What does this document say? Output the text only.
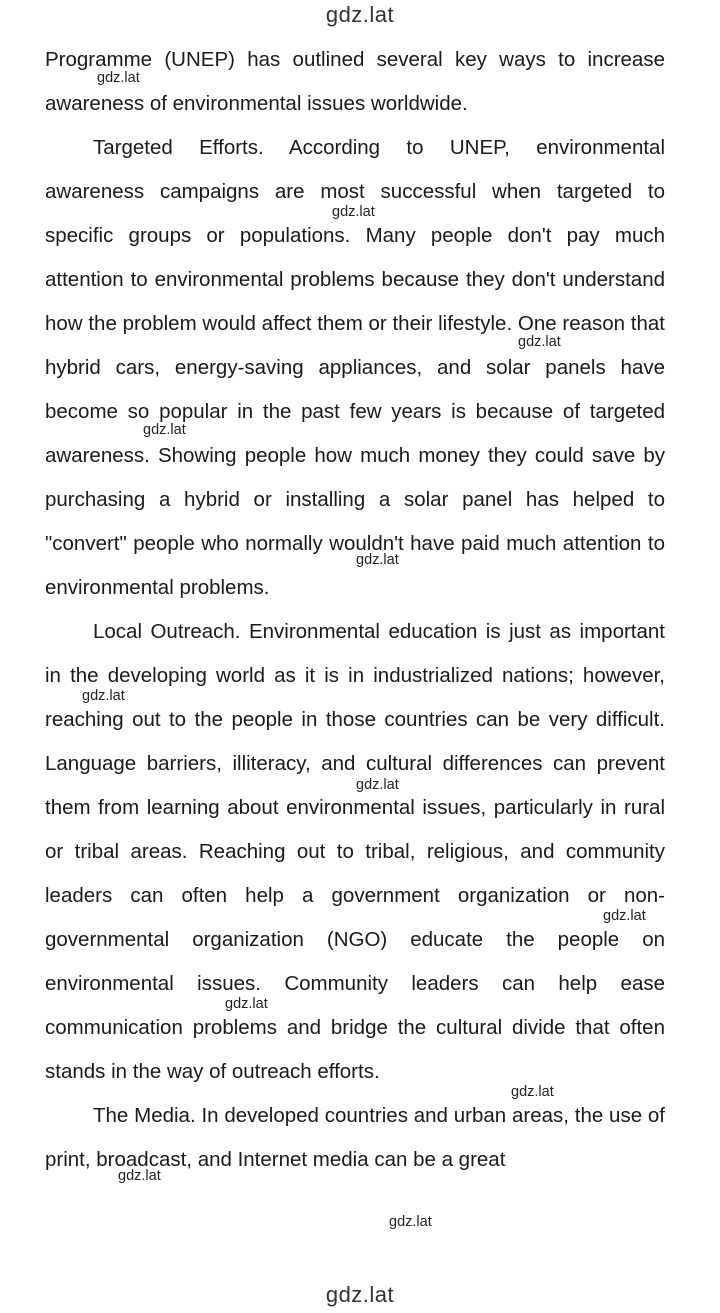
gdz.lat

Programme (UNEP) has outlined several key ways to increase awareness of environmental issues worldwide.

Targeted Efforts. According to UNEP, environmental awareness campaigns are most successful when targeted to specific groups or populations. Many people don't pay much attention to environmental problems because they don't understand how the problem would affect them or their lifestyle. One reason that hybrid cars, energy-saving appliances, and solar panels have become so popular in the past few years is because of targeted awareness. Showing people how much money they could save by purchasing a hybrid or installing a solar panel has helped to "convert" people who normally wouldn't have paid much attention to environmental problems.

Local Outreach. Environmental education is just as important in the developing world as it is in industrialized nations; however, reaching out to the people in those countries can be very difficult. Language barriers, illiteracy, and cultural differences can prevent them from learning about environmental issues, particularly in rural or tribal areas. Reaching out to tribal, religious, and community leaders can often help a government organization or non-governmental organization (NGO) educate the people on environmental issues. Community leaders can help ease communication problems and bridge the cultural divide that often stands in the way of outreach efforts.

The Media. In developed countries and urban areas, the use of print, broadcast, and Internet media can be a great

gdz.lat
gdz.lat
gdz.lat
gdz.lat
gdz.lat
gdz.lat
gdz.lat
gdz.lat
gdz.lat
gdz.lat
gdz.lat
gdz.lat
gdz.lat
